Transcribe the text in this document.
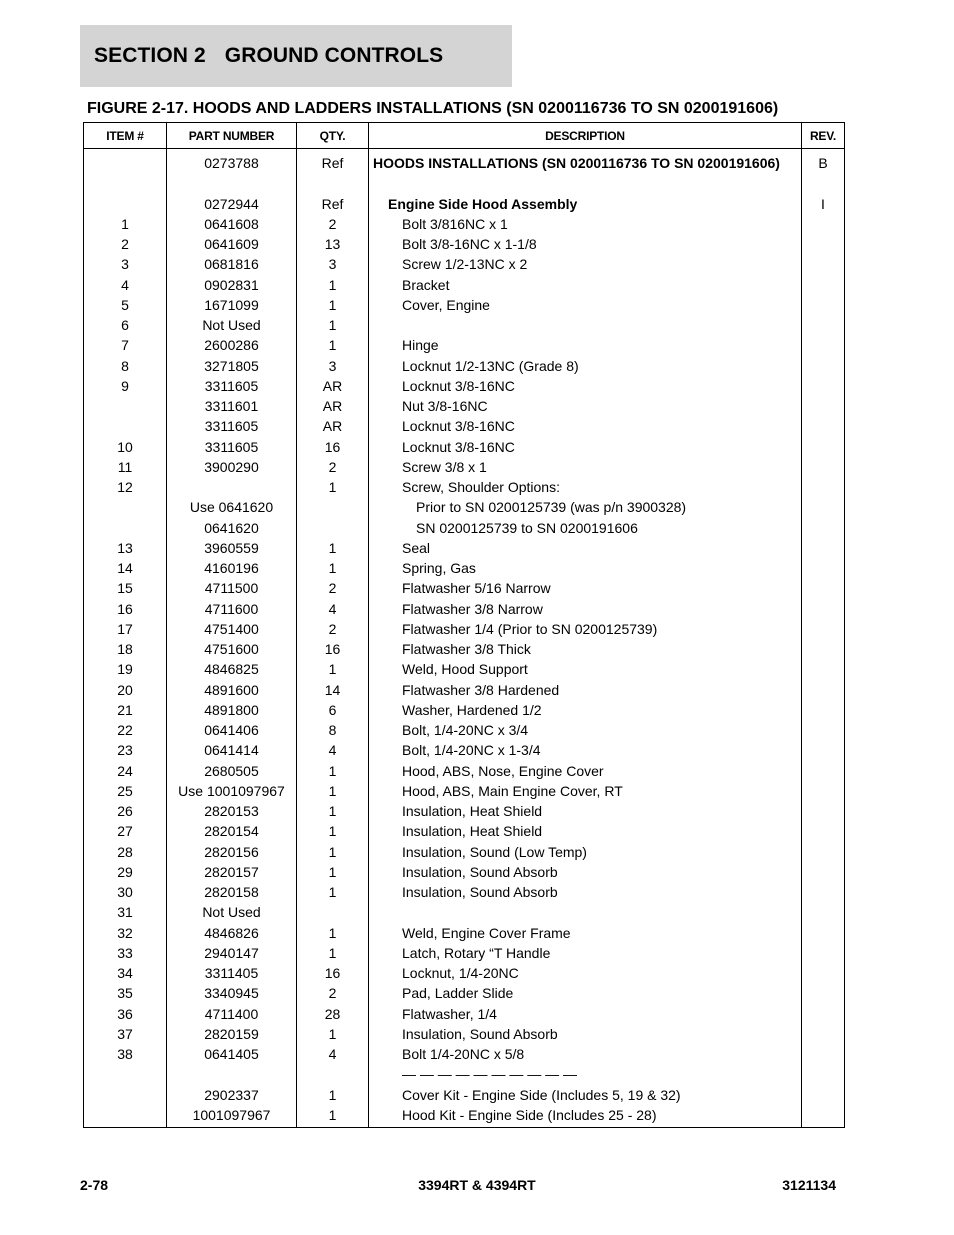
SECTION 2 GROUND CONTROLS
FIGURE 2-17. HOODS AND LADDERS INSTALLATIONS (SN 0200116736 TO SN 0200191606)
ITEM #	PART NUMBER	QTY.	DESCRIPTION	REV.
	0273788	Ref	HOODS INSTALLATIONS (SN 0200116736 TO SN 0200191606)	B

	0272944	Ref	Engine Side Hood Assembly	I
1	0641608	2	Bolt 3/816NC x 1	
2	0641609	13	Bolt 3/8-16NC x 1-1/8	
3	0681816	3	Screw 1/2-13NC x 2	
4	0902831	1	Bracket	
5	1671099	1	Cover, Engine	
6	Not Used	1		
7	2600286	1	Hinge	
8	3271805	3	Locknut 1/2-13NC (Grade 8)	
9	3311605	AR	Locknut 3/8-16NC	
	3311601	AR	Nut 3/8-16NC	
	3311605	AR	Locknut 3/8-16NC	
10	3311605	16	Locknut 3/8-16NC	
11	3900290	2	Screw 3/8 x 1	
12		1	Screw, Shoulder Options:	
	Use 0641620		Prior to SN 0200125739 (was p/n 3900328)	
	0641620		SN 0200125739 to SN 0200191606	
13	3960559	1	Seal	
14	4160196	1	Spring, Gas	
15	4711500	2	Flatwasher 5/16 Narrow	
16	4711600	4	Flatwasher 3/8 Narrow	
17	4751400	2	Flatwasher 1/4 (Prior to SN 0200125739)	
18	4751600	16	Flatwasher 3/8 Thick	
19	4846825	1	Weld, Hood Support	
20	4891600	14	Flatwasher 3/8 Hardened	
21	4891800	6	Washer, Hardened 1/2	
22	0641406	8	Bolt, 1/4-20NC x 3/4	
23	0641414	4	Bolt, 1/4-20NC x 1-3/4	
24	2680505	1	Hood, ABS, Nose, Engine Cover	
25	Use 1001097967	1	Hood, ABS, Main Engine Cover, RT	
26	2820153	1	Insulation, Heat Shield	
27	2820154	1	Insulation, Heat Shield	
28	2820156	1	Insulation, Sound (Low Temp)	
29	2820157	1	Insulation, Sound Absorb	
30	2820158	1	Insulation, Sound Absorb	
31	Not Used			
32	4846826	1	Weld, Engine Cover Frame	
33	2940147	1	Latch, Rotary “T Handle	
34	3311405	16	Locknut, 1/4-20NC	
35	3340945	2	Pad, Ladder Slide	
36	4711400	28	Flatwasher, 1/4	
37	2820159	1	Insulation, Sound Absorb	
38	0641405	4	Bolt 1/4-20NC x 5/8	
			— — — — — — — — — —	
	2902337	1	Cover Kit - Engine Side (Includes 5, 19 & 32)	
	1001097967	1	Hood Kit - Engine Side (Includes 25 - 28)	
2-78	3394RT & 4394RT	3121134
